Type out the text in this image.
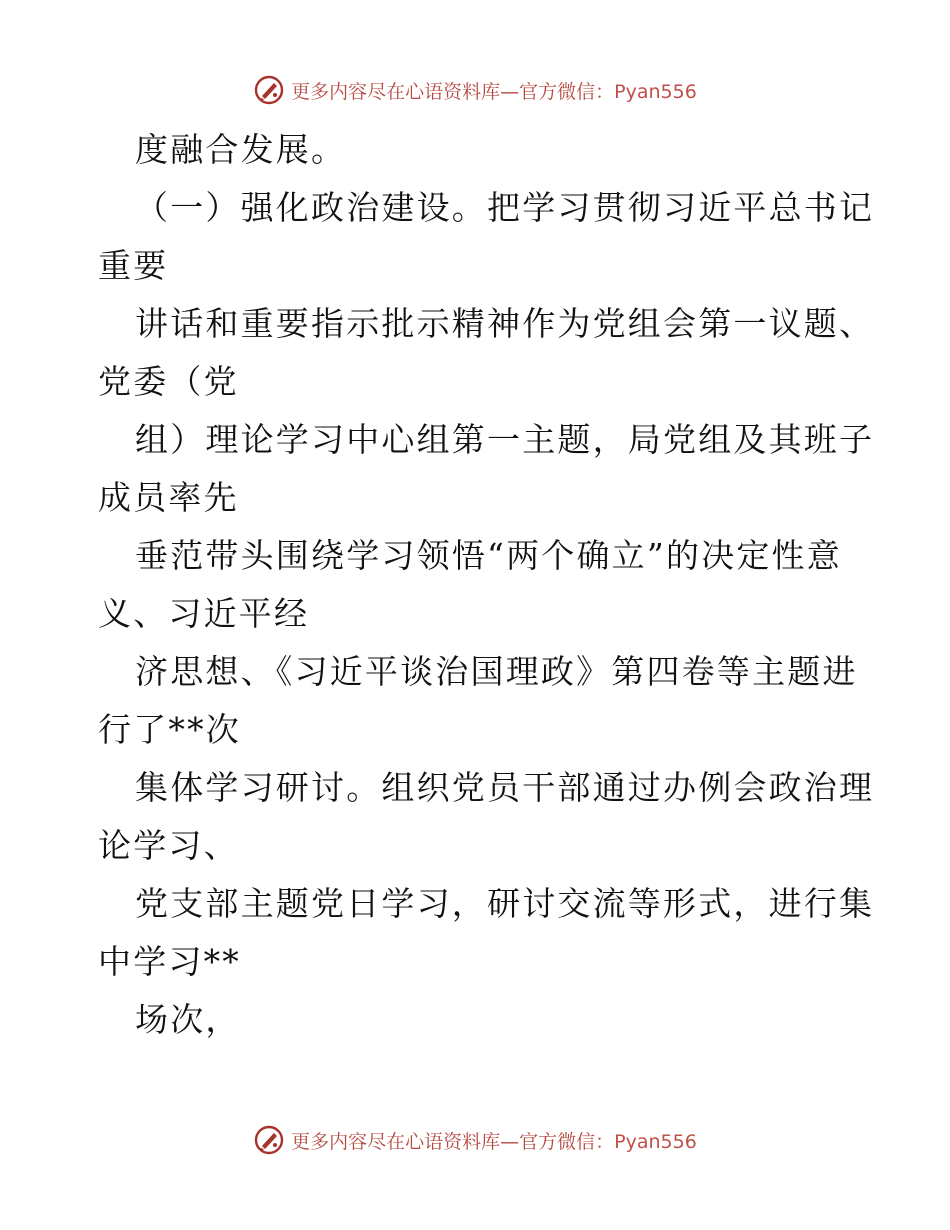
更多内容尽在心语资料库—官方微信：Pyan556
度融合发展。
（一）强化政治建设。把学习贯彻习近平总书记
重要
讲话和重要指示批示精神作为党组会第一议题、
党委（党
组）理论学习中心组第一主题，局党组及其班子
成员率先
垂范带头围绕学习领悟“两个确立”的决定性意
义、习近平经
济思想、《习近平谈治国理政》第四卷等主题进
行了**次
集体学习研讨。组织党员干部通过办例会政治理
论学习、
党支部主题党日学习，研讨交流等形式，进行集
中学习**
场次，
更多内容尽在心语资料库—官方微信：Pyan556
